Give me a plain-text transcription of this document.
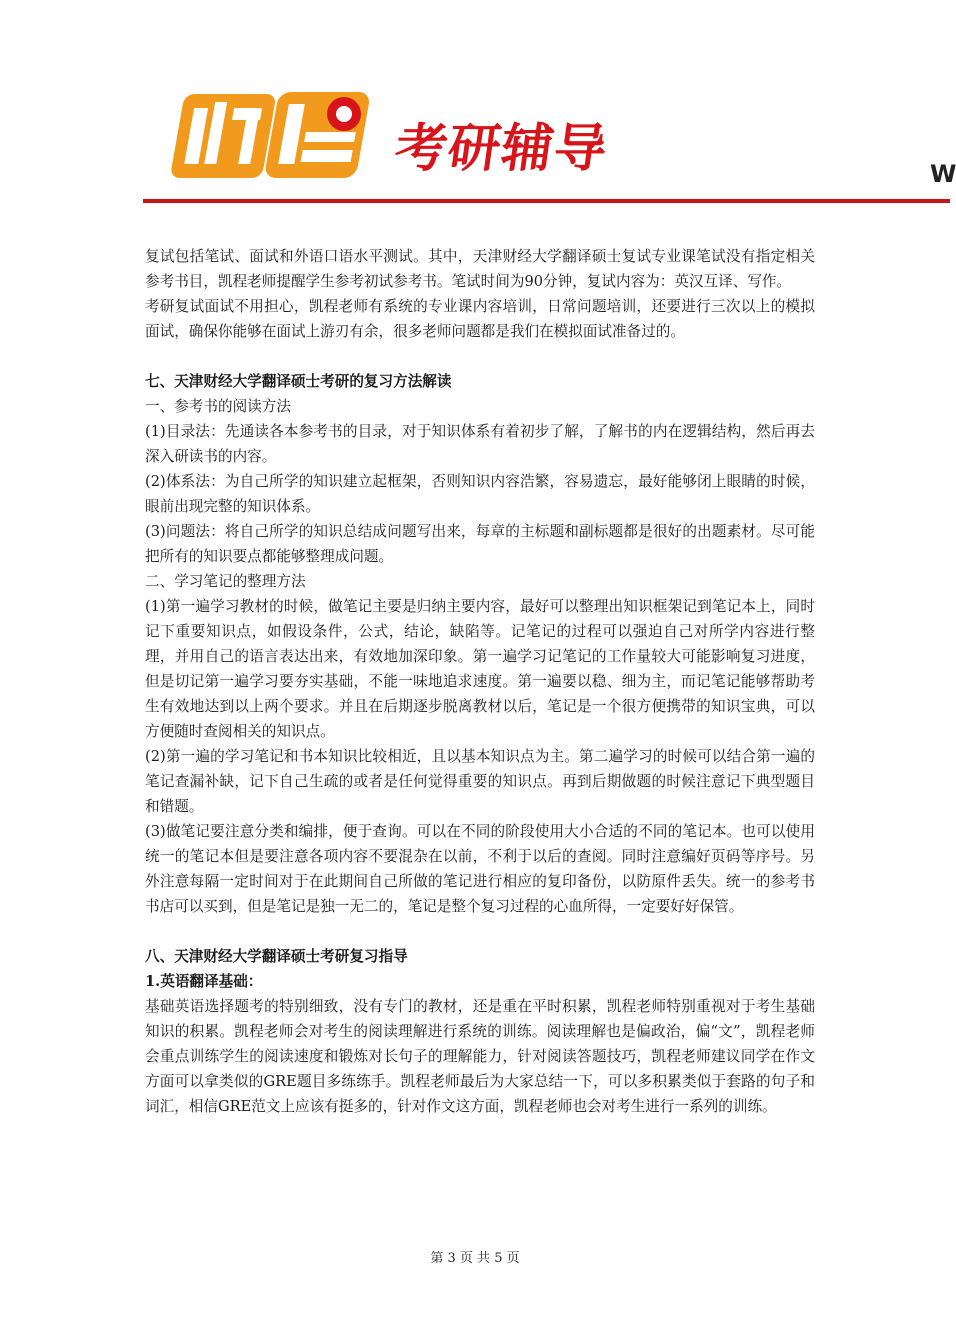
考研辅导	W

复试包括笔试、面试和外语口语水平测试。其中，天津财经大学翻译硕士复试专业课笔试没有指定相关参考书目，凯程老师提醒学生参考初试参考书。笔试时间为90分钟，复试内容为：英汉互译、写作。

考研复试面试不用担心，凯程老师有系统的专业课内容培训，日常问题培训，还要进行三次以上的模拟面试，确保你能够在面试上游刃有余，很多老师问题都是我们在模拟面试准备过的。

七、天津财经大学翻译硕士考研的复习方法解读

一、参考书的阅读方法

(1)目录法：先通读各本参考书的目录，对于知识体系有着初步了解，了解书的内在逻辑结构，然后再去深入研读书的内容。

(2)体系法：为自己所学的知识建立起框架，否则知识内容浩繁，容易遗忘，最好能够闭上眼睛的时候，眼前出现完整的知识体系。

(3)问题法：将自己所学的知识总结成问题写出来，每章的主标题和副标题都是很好的出题素材。尽可能把所有的知识要点都能够整理成问题。

二、学习笔记的整理方法

(1)第一遍学习教材的时候，做笔记主要是归纳主要内容，最好可以整理出知识框架记到笔记本上，同时记下重要知识点，如假设条件，公式，结论，缺陷等。记笔记的过程可以强迫自己对所学内容进行整理，并用自己的语言表达出来，有效地加深印象。第一遍学习记笔记的工作量较大可能影响复习进度，但是切记第一遍学习要夯实基础，不能一味地追求速度。第一遍要以稳、细为主，而记笔记能够帮助考生有效地达到以上两个要求。并且在后期逐步脱离教材以后，笔记是一个很方便携带的知识宝典，可以方便随时查阅相关的知识点。

(2)第一遍的学习笔记和书本知识比较相近，且以基本知识点为主。第二遍学习的时候可以结合第一遍的笔记查漏补缺，记下自己生疏的或者是任何觉得重要的知识点。再到后期做题的时候注意记下典型题目和错题。

(3)做笔记要注意分类和编排，便于查询。可以在不同的阶段使用大小合适的不同的笔记本。也可以使用统一的笔记本但是要注意各项内容不要混杂在以前，不利于以后的查阅。同时注意编好页码等序号。另外注意每隔一定时间对于在此期间自己所做的笔记进行相应的复印备份，以防原件丢失。统一的参考书书店可以买到，但是笔记是独一无二的，笔记是整个复习过程的心血所得，一定要好好保管。

八、天津财经大学翻译硕士考研复习指导

1.英语翻译基础：

基础英语选择题考的特别细致，没有专门的教材，还是重在平时积累，凯程老师特别重视对于考生基础知识的积累。凯程老师会对考生的阅读理解进行系统的训练。阅读理解也是偏政治，偏“文”，凯程老师会重点训练学生的阅读速度和锻炼对长句子的理解能力，针对阅读答题技巧，凯程老师建议同学在作文方面可以拿类似的GRE题目多练练手。凯程老师最后为大家总结一下，可以多积累类似于套路的句子和词汇，相信GRE范文上应该有挺多的，针对作文这方面，凯程老师也会对考生进行一系列的训练。

第 3 页 共 5 页
